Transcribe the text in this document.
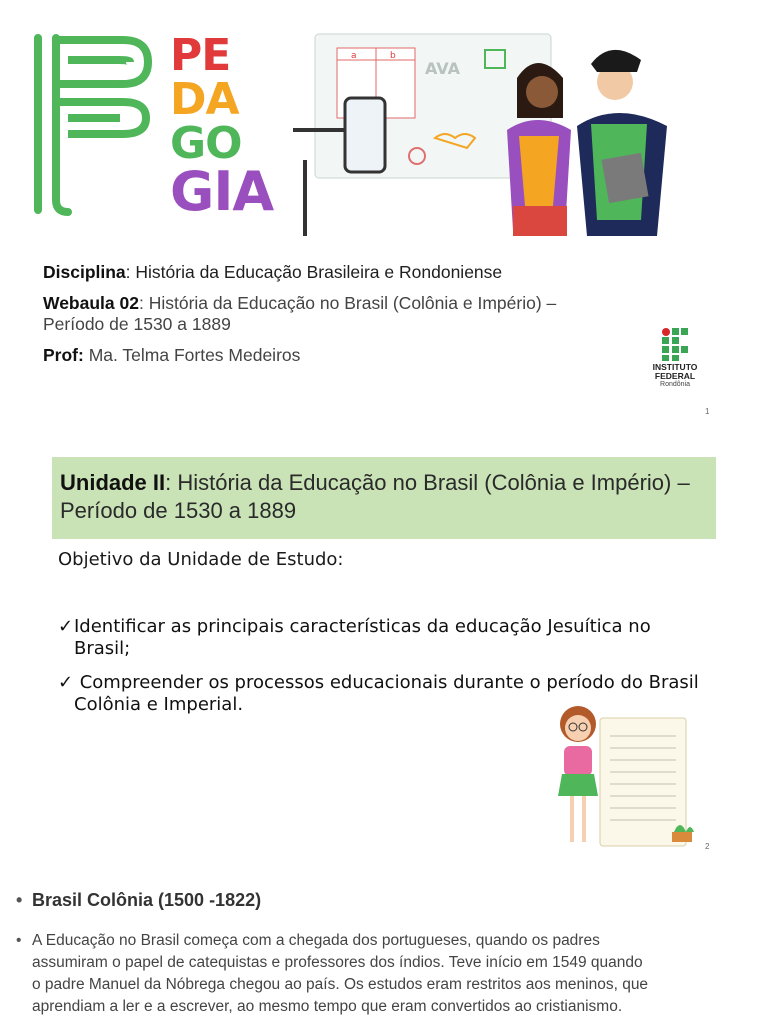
PE
DA
GO
GIA
a	b
AVA

Disciplina: História da Educação Brasileira e Rondoniense

Webaula 02: História da Educação no Brasil (Colônia e Império) –
Período de 1530 a 1889

Prof: Ma. Telma Fortes Medeiros

INSTITUTO
FEDERAL
Rondônia
1
Unidade II: História da Educação no Brasil (Colônia e Império) – Período de 1530 a 1889
Objetivo da Unidade de Estudo:
✓Identificar as principais características da educação Jesuítica no
Brasil;
✓ Compreender os processos educacionais durante o período do Brasil
Colônia e Imperial.
2
• Brasil Colônia (1500 -1822)
• A Educação no Brasil começa com a chegada dos portugueses, quando os padres
assumiram o papel de catequistas e professores dos índios. Teve início em 1549 quando
o padre Manuel da Nóbrega chegou ao país. Os estudos eram restritos aos meninos, que
aprendiam a ler e a escrever, ao mesmo tempo que eram convertidos ao cristianismo.
